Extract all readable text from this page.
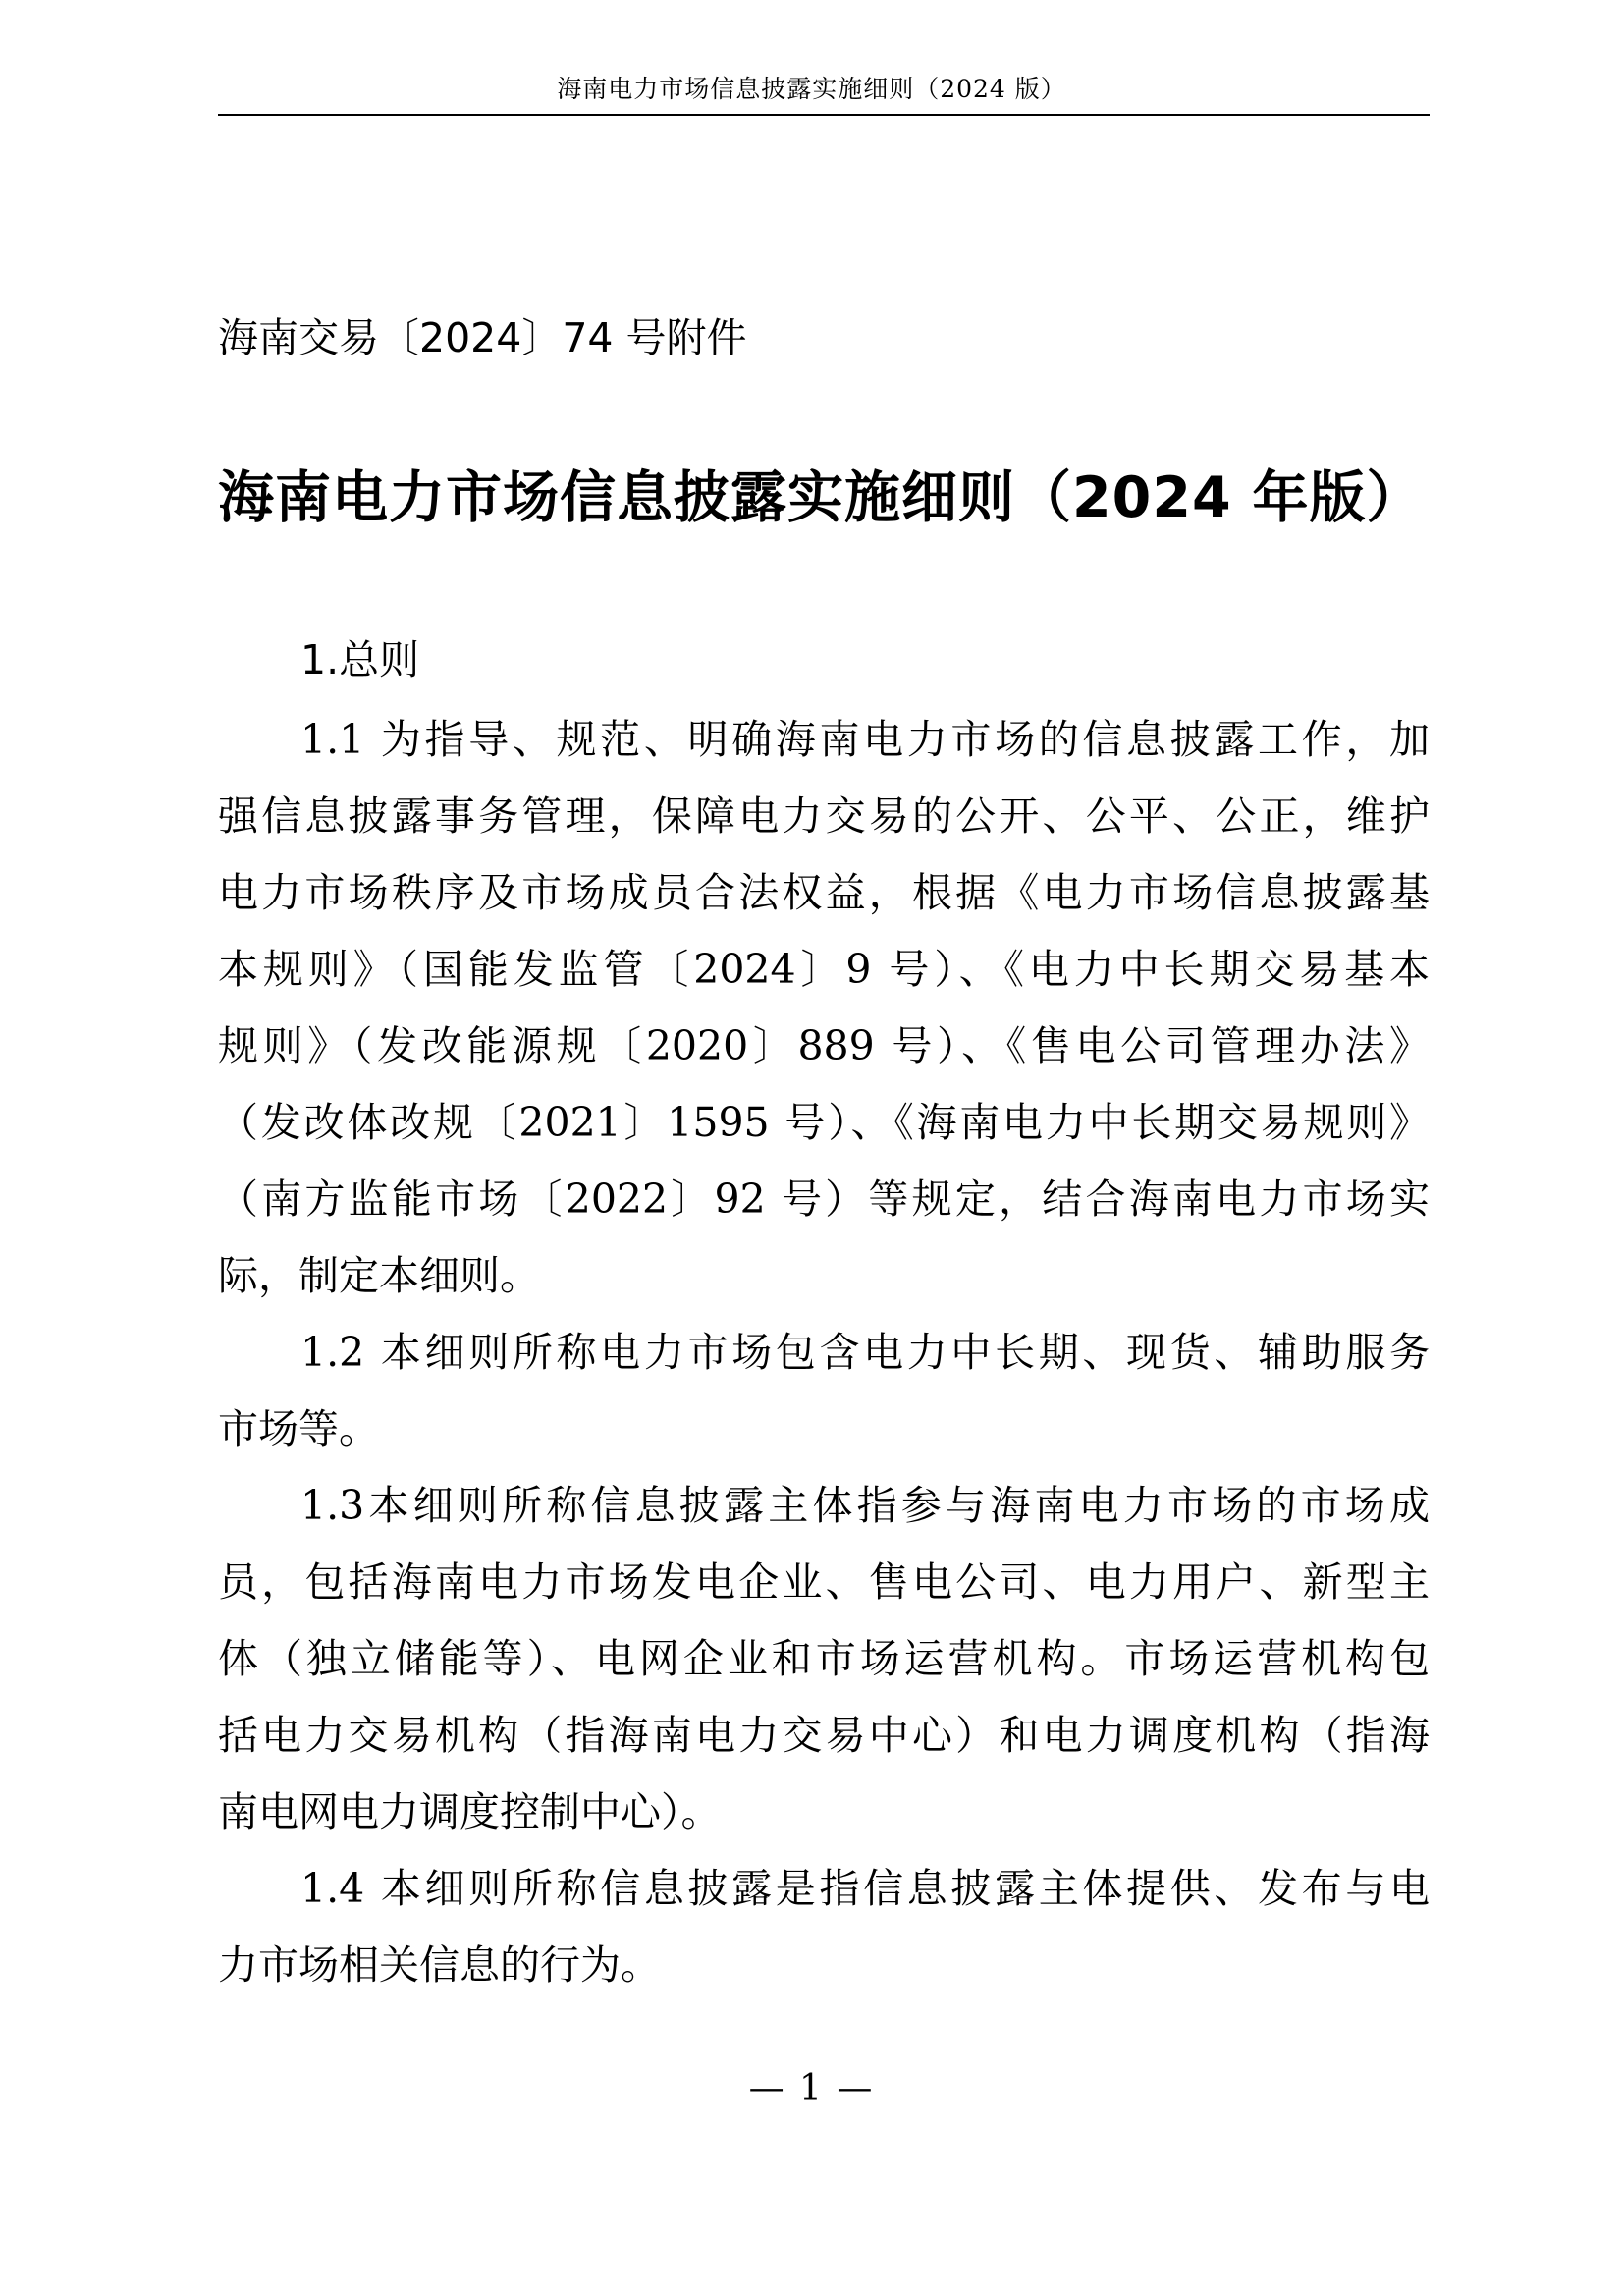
海南电力市场信息披露实施细则（2024 版）
海南交易〔2024〕74 号附件
海南电力市场信息披露实施细则（2024 年版）
1.总则
1.1 为指导、规范、明确海南电力市场的信息披露工作，加
强信息披露事务管理，保障电力交易的公开、公平、公正，维护
电力市场秩序及市场成员合法权益，根据《电力市场信息披露基
本规则》（国能发监管〔2024〕9 号）、《电力中长期交易基本
规则》（发改能源规〔2020〕889 号）、《售电公司管理办法》
（发改体改规〔2021〕1595 号）、《海南电力中长期交易规则》
（南方监能市场〔2022〕92 号）等规定，结合海南电力市场实
际，制定本细则。
1.2 本细则所称电力市场包含电力中长期、现货、辅助服务
市场等。
1.3本细则所称信息披露主体指参与海南电力市场的市场成
员，包括海南电力市场发电企业、售电公司、电力用户、新型主
体（独立储能等）、电网企业和市场运营机构。市场运营机构包
括电力交易机构（指海南电力交易中心）和电力调度机构（指海
南电网电力调度控制中心）。
1.4 本细则所称信息披露是指信息披露主体提供、发布与电
力市场相关信息的行为。
— 1 —
